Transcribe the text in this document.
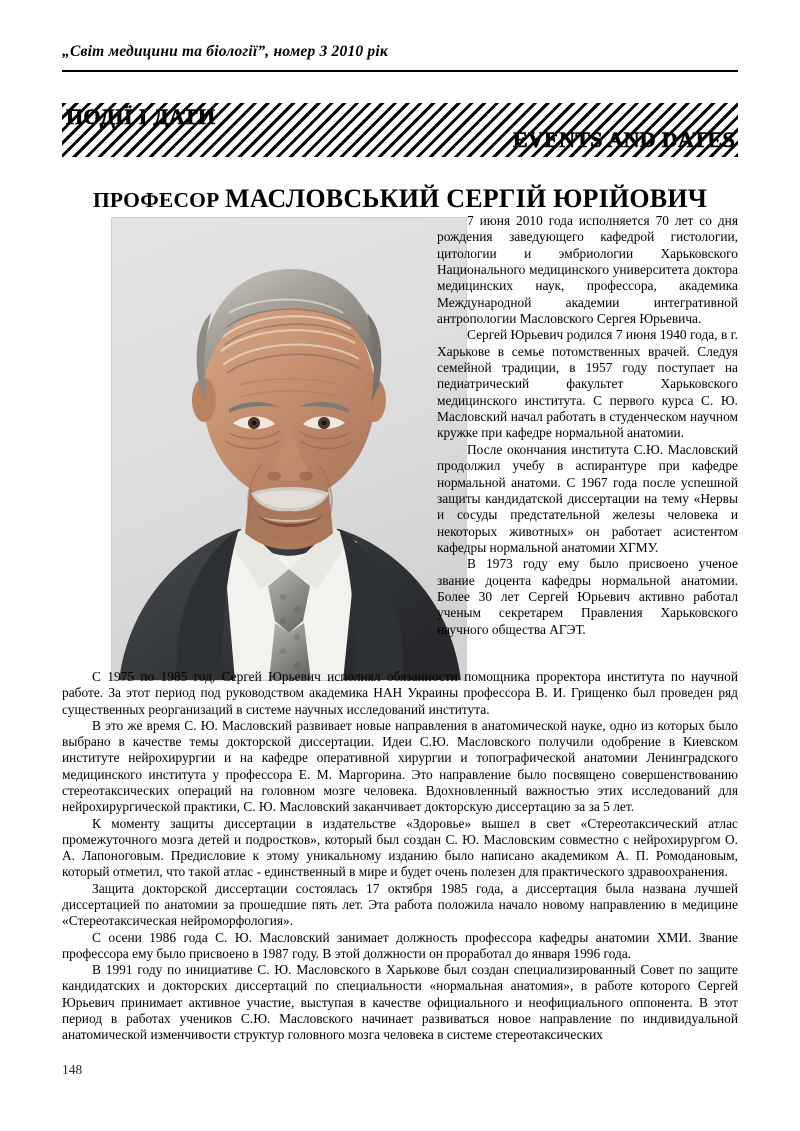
„Світ медицини та біології”, номер 3 2010 рік
ПОДІЇ І ДАТИ
EVENTS AND DATES
ПРОФЕСОР МАСЛОВСЬКИЙ СЕРГІЙ ЮРІЙОВИЧ

7 июня 2010 года исполняется 70 лет со дня рождения заведующего кафедрой гистологии, цитологии и эмбриологии Харьковского Национального медицинского университета доктора медицинских наук, профессора, академика Международной академии интегративной антропологии Масловского Сергея Юрьевича.

Сергей Юрьевич родился 7 июня 1940 года, в г. Харькове в семье потомственных врачей. Следуя семейной традиции, в 1957 году поступает на педиатрический факультет Харьковского медицинского института. С первого курса С. Ю. Масловский начал работать в студенческом научном кружке при кафедре нормальной анатомии.

После окончания института С.Ю. Масловский продолжил учебу в аспирантуре при кафедре нормальной анатоми. С 1967 года после успешной защиты кандидатской диссертации на тему «Нервы и сосуды предстательной железы человека и некоторых животных» он работает асистентом кафедры нормальной анатомии ХГМУ.

В 1973 году ему было присвоено ученое звание доцента кафедры нормальной анатомии. Более 30 лет Сергей Юрьевич активно работал ученым секретарем Правления Харьковского научного общества АГЭТ.

С 1975 по 1985 год, Сергей Юрьевич исполнял обязанности помощника проректора института по научной работе. За этот период под руководством академика НАН Украины профессора В. И. Грищенко был проведен ряд существенных реорганизаций в системе научных исследований института.

В это же время С. Ю. Масловский развивает новые направления в анатомической науке, одно из которых было выбрано в качестве темы докторской диссертации. Идеи С.Ю. Масловского получили одобрение в Киевском институте нейрохирургии и на кафедре оперативной хирургии и топографической анатомии Ленинградского медицинского института у профессора Е. М. Маргорина. Это направление было посвящено совершенствованию стереотаксических операций на головном мозге человека. Вдохновленный важностью этих исследований для нейрохирургической практики, С. Ю. Масловский заканчивает докторскую диссертацию за за 5 лет.

К моменту защиты диссертации в издательстве «Здоровье» вышел в свет «Стереотаксический атлас промежуточного мозга детей и подростков», который был создан С. Ю. Масловским совместно с нейрохирургом О. А. Лапоноговым. Предисловие к этому уникальному изданию было написано академиком А. П. Ромодановым, который отметил, что такой атлас - единственный в мире и будет очень полезен для практического здравоохранения.

Защита докторской диссертации состоялась 17 октября 1985 года, а диссертация была названа лучшей диссертацией по анатомии за прошедшие пять лет. Эта работа положила начало новому направлению в медицине «Стереотаксическая нейроморфология».

С осени 1986 года С. Ю. Масловский занимает должность профессора кафедры анатомии ХМИ. Звание профессора ему было присвоено в 1987 году. В этой должности он проработал до января 1996 года.

В 1991 году по инициативе С. Ю. Масловского в Харькове был создан специализированный Совет по защите кандидатских и докторских диссертаций по специальности «нормальная анатомия», в работе которого Сергей Юрьевич принимает активное участие, выступая в качестве официального и неофициального оппонента. В этот период в работах учеников С.Ю. Масловского начинает развиваться новое направление по индивидуальной анатомической изменчивости структур головного мозга человека в системе стереотаксических

148
